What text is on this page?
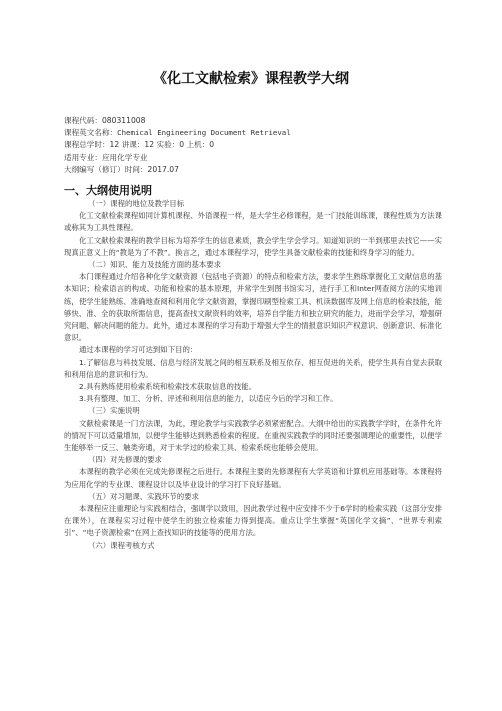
《化工文献检索》课程教学大纲
课程代码：080311008
课程英文名称：Chemical Engineering Document Retrieval
课程总学时：12 讲课：12 实验：0 上机：0
适用专业：应用化学专业
大纲编写（修订）时间：2017.07
一、大纲使用说明

（一）课程的地位及教学目标

化工文献检索课程如同计算机课程、外语课程一样，是大学生必修课程，是一门技能训练课，课程性质为方法课或称其为工具性课程。

化工文献检索课程的教学目标为培养学生的信息素质，教会学生学会学习。知道知识的一半到那里去找它——实现真正意义上的“教是为了不教”。换言之，通过本课程学习，使学生具备文献检索的技能和终身学习的能力。

（二）知识、能力及技能方面的基本要求

本门课程通过介绍各种化学文献资源（包括电子资源）的特点和检索方法，要求学生熟练掌握化工文献信息的基本知识；检索语言的构成、功能和检索的基本原理，并常学生到图书馆实习，进行手工和Inter网查阅方法的实地训练，使学生能熟练、准确地查阅和利用化学文献资源，掌握印刷型检索工具、机读数据库及网上信息的检索技能，能够快、准、全的获取所需信息，提高查找文献资料的效率，培养自学能力和独立研究的能力，进而学会学习，增强研究问题、解决问题的能力。此外，通过本课程的学习有助于增强大学生的情报意识知识产权意识、创新意识、标准化意识。

通过本课程的学习可达到如下目的：

1.了解信息与科技发展、信息与经济发展之间的相互联系及相互依存、相互促进的关系，使学生具有自觉去获取和利用信息的意识和行为。

2.具有熟练使用检索系统和检索技术获取信息的技能。

3.具有整理、加工、分析、评述和利用信息的能力，以适应今后的学习和工作。

（三）实施说明

文献检索课是一门方法课，为此，理论教学与实践教学必须紧密配合。大纲中给出的实践教学学时，在条件允许的情况下可以适量增加，以便学生能够达到熟悉检索的程度。在重视实践教学的同时还要强调理论的重要性，以便学生能够举一反三、触类旁通，对于未学过的检索工具、检索系统也能够会使用。

（四）对先修课的要求

本课程的教学必须在完成先修课程之后进行。本课程主要的先修课程有大学英语和计算机应用基础等。本课程将为应用化学的专业课、课程设计以及毕业设计的学习打下良好基础。

（五）对习题课、实践环节的要求

本课程应注重理论与实践相结合，强调学以致用，因此教学过程中应安排不少于6学时的检索实践（这部分安排在课外），在课程实习过程中使学生的独立检索能力得到提高。重点让学生掌握“英国化学文摘”、“世界专利索引”、“电子资源检索”在网上查找知识的技能等的使用方法。

（六）课程考核方式
